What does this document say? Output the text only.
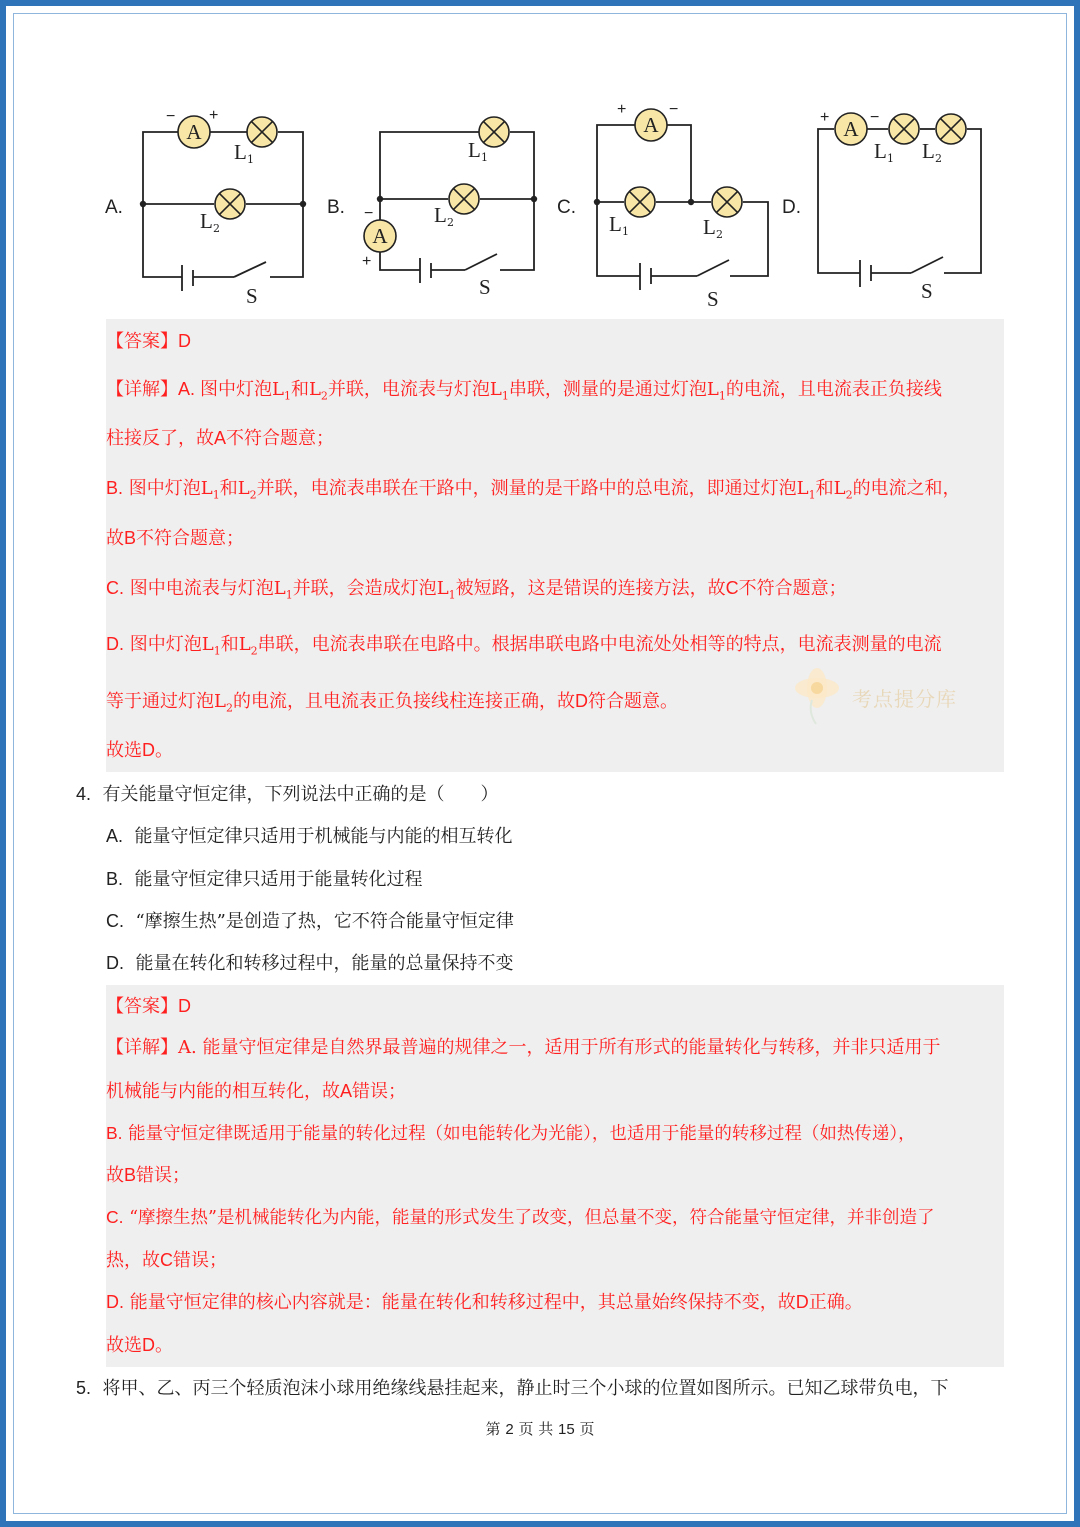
A
A
A	A
− +
−
+
+	−	+	−
A.	B.	C.	D.
L 1
L 2
L 1
L 2	L 1	L 2
L 1 L 2
S	S	S	S
【答案】D
【详解】A. 图中灯泡$L_1$和$L_2$并联，电流表与灯泡$L_1$串联，测量的是通过灯泡$L_1$的电流，且电流表正负接线
柱接反了，故A不符合题意；
B. 图中灯泡$L_1$和$L_2$并联，电流表串联在干路中，测量的是干路中的总电流，即通过灯泡$L_1$和$L_2$的电流之和，
故B不符合题意；
C. 图中电流表与灯泡$L_1$并联，会造成灯泡$L_1$被短路，这是错误的连接方法，故C不符合题意；
D. 图中灯泡$L_1$和$L_2$串联，电流表串联在电路中。根据串联电路中电流处处相等的特点，电流表测量的电流
等于通过灯泡$L_2$的电流，且电流表正负接线柱连接正确，故D符合题意。
故选D。
考点提分库
4. 有关能量守恒定律，下列说法中正确的是（　　）
A. 能量守恒定律只适用于机械能与内能的相互转化
B. 能量守恒定律只适用于能量转化过程
C. “摩擦生热”是创造了热，它不符合能量守恒定律
D. 能量在转化和转移过程中，能量的总量保持不变
【答案】D
【详解】A. 能量守恒定律是自然界最普遍的规律之一，适用于所有形式的能量转化与转移，并非只适用于
机械能与内能的相互转化，故A错误；
B. 能量守恒定律既适用于能量的转化过程（如电能转化为光能），也适用于能量的转移过程（如热传递），
故B错误；
C. “摩擦生热”是机械能转化为内能，能量的形式发生了改变，但总量不变，符合能量守恒定律，并非创造了
热，故C错误；
D. 能量守恒定律的核心内容就是：能量在转化和转移过程中，其总量始终保持不变，故D正确。
故选D。
5. 将甲、乙、丙三个轻质泡沫小球用绝缘线悬挂起来，静止时三个小球的位置如图所示。已知乙球带负电，下
第 2 页 共 15 页
